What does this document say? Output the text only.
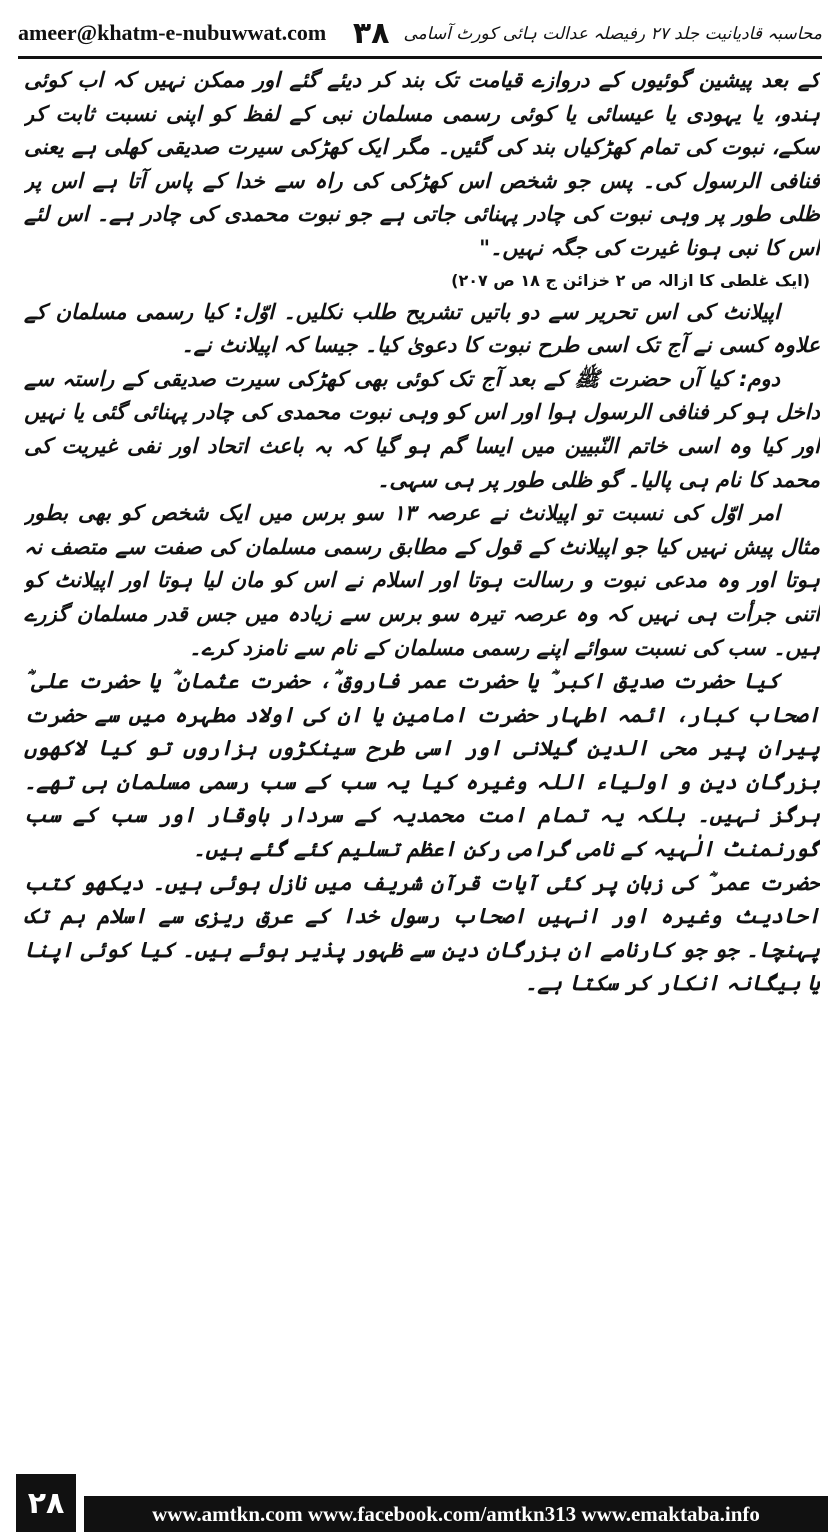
ameer@khatm-e-nubuwwat.com	محاسبہ قادیانیت جلد ۲۷ رفیصلہ عدالت ہائی کورٹ آسامی
۳۸

کے بعد پیشین گوئیوں کے دروازے قیامت تک بند کر دیئے گئے اور ممکن نہیں کہ اب کوئی ہندو، یا یہودی یا عیسائی یا کوئی رسمی مسلمان نبی کے لفظ کو اپنی نسبت ثابت کر سکے، نبوت کی تمام کھڑکیاں بند کی گئیں۔ مگر ایک کھڑکی سیرت صدیقی کھلی ہے یعنی فنافی الرسول کی۔ پس جو شخص اس کھڑکی کی راہ سے خدا کے پاس آتا ہے اس پر ظلی طور پر وہی نبوت کی چادر پہنائی جاتی ہے جو نبوت محمدی کی چادر ہے۔ اس لئے اس کا نبی ہونا غیرت کی جگہ نہیں۔"

(ایک غلطی کا ازالہ ص ۲ خزائن ج ۱۸ ص ۲۰۷)

اپیلانٹ کی اس تحریر سے دو باتیں تشریح طلب نکلیں۔ اوّل: کیا رسمی مسلمان کے علاوہ کسی نے آج تک اسی طرح نبوت کا دعویٰ کیا۔ جیسا کہ اپیلانٹ نے۔

دوم: کیا آں حضرت ﷺ کے بعد آج تک کوئی بھی کھڑکی سیرت صدیقی کے راستہ سے داخل ہو کر فنافی الرسول ہوا اور اس کو وہی نبوت محمدی کی چادر پہنائی گئی یا نہیں اور کیا وہ اسی خاتم النّبیین میں ایسا گم ہو گیا کہ بہ باعث اتحاد اور نفی غیریت کی محمد کا نام ہی پالیا۔ گو ظلی طور پر ہی سہی۔

امر اوّل کی نسبت تو اپیلانٹ نے عرصہ ۱۳ سو برس میں ایک شخص کو بھی بطور مثال پیش نہیں کیا جو اپیلانٹ کے قول کے مطابق رسمی مسلمان کی صفت سے متصف نہ ہوتا اور وہ مدعی نبوت و رسالت ہوتا اور اسلام نے اس کو مان لیا ہوتا اور اپیلانٹ کو اتنی جرأت ہی نہیں کہ وہ عرصہ تیرہ سو برس سے زیادہ میں جس قدر مسلمان گزرے ہیں۔ سب کی نسبت سوائے اپنے رسمی مسلمان کے نام سے نامزد کرے۔

کیا حضرت صدیق اکبر ؓ یا حضرت عمر فاروق ؓ، حضرت عثمان ؓ یا حضرت علی ؓ اصحاب کبار، ائمہ اطہار حضرت امامین یا ان کی اولاد مطہرہ میں سے حضرت پیران پیر محی الدین گیلانی اور اسی طرح سینکڑوں ہزاروں تو کیا لاکھوں بزرگان دین و اولیاء اللہ وغیرہ کیا یہ سب کے سب رسمی مسلمان ہی تھے۔ ہرگز نہیں۔ بلکہ یہ تمام امت محمدیہ کے سردار باوقار اور سب کے سب گورنمنٹ الٰہیہ کے نامی گرامی رکن اعظم تسلیم کئے گئے ہیں۔

حضرت عمر ؓ کی زبان پر کئی آیات قرآن شریف میں نازل ہوئی ہیں۔ دیکھو کتب احادیث وغیرہ اور انہیں اصحاب رسول خدا کے عرق ریزی سے اسلام ہم تک پہنچا۔ جو جو کارنامے ان بزرگان دین سے ظہور پذیر ہوئے ہیں۔ کیا کوئی اپنا یا بیگانہ انکار کر سکتا ہے۔

۲۸	www.amtkn.com www.facebook.com/amtkn313 www.emaktaba.info
